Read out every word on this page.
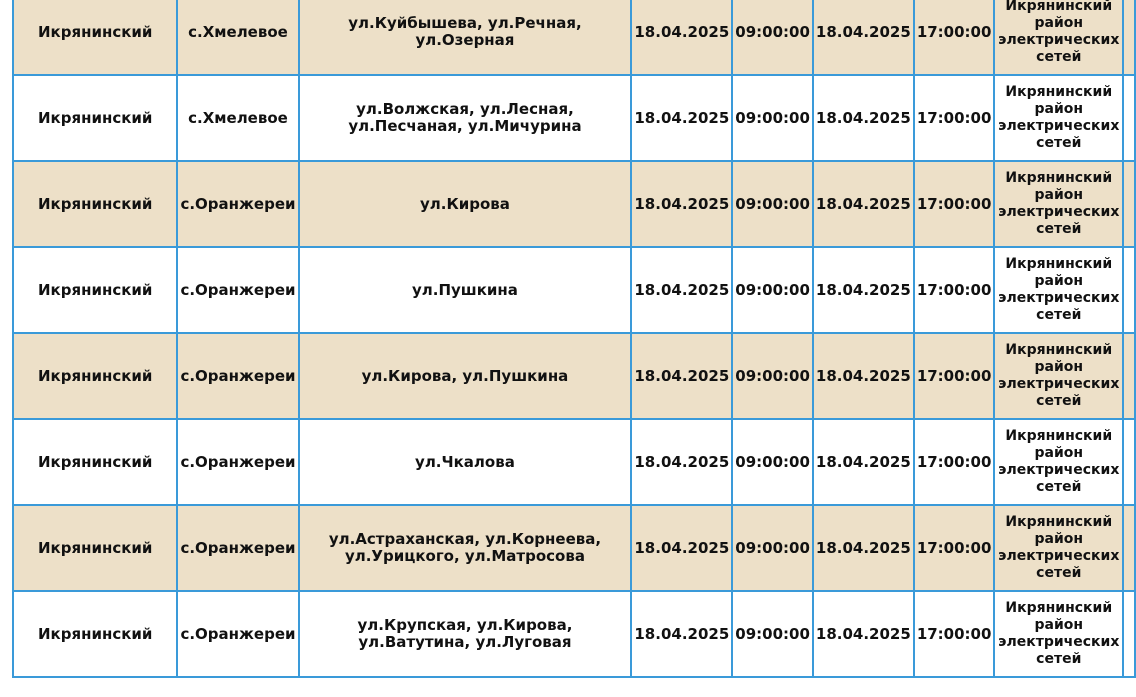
Икрянинский	с.Хмелевое	ул.Куйбышева, ул.Речная, ул.Озерная	18.04.2025	09:00:00	18.04.2025	17:00:00	Икрянинский район электрических сетей	
Икрянинский	с.Хмелевое	ул.Волжская, ул.Лесная, ул.Песчаная, ул.Мичурина	18.04.2025	09:00:00	18.04.2025	17:00:00	Икрянинский район электрических сетей	
Икрянинский	с.Оранжереи	ул.Кирова	18.04.2025	09:00:00	18.04.2025	17:00:00	Икрянинский район электрических сетей	
Икрянинский	с.Оранжереи	ул.Пушкина	18.04.2025	09:00:00	18.04.2025	17:00:00	Икрянинский район электрических сетей	
Икрянинский	с.Оранжереи	ул.Кирова, ул.Пушкина	18.04.2025	09:00:00	18.04.2025	17:00:00	Икрянинский район электрических сетей	
Икрянинский	с.Оранжереи	ул.Чкалова	18.04.2025	09:00:00	18.04.2025	17:00:00	Икрянинский район электрических сетей	
Икрянинский	с.Оранжереи	ул.Астраханская, ул.Корнеева, ул.Урицкого, ул.Матросова	18.04.2025	09:00:00	18.04.2025	17:00:00	Икрянинский район электрических сетей	
Икрянинский	с.Оранжереи	ул.Крупская, ул.Кирова, ул.Ватутина, ул.Луговая	18.04.2025	09:00:00	18.04.2025	17:00:00	Икрянинский район электрических сетей	
